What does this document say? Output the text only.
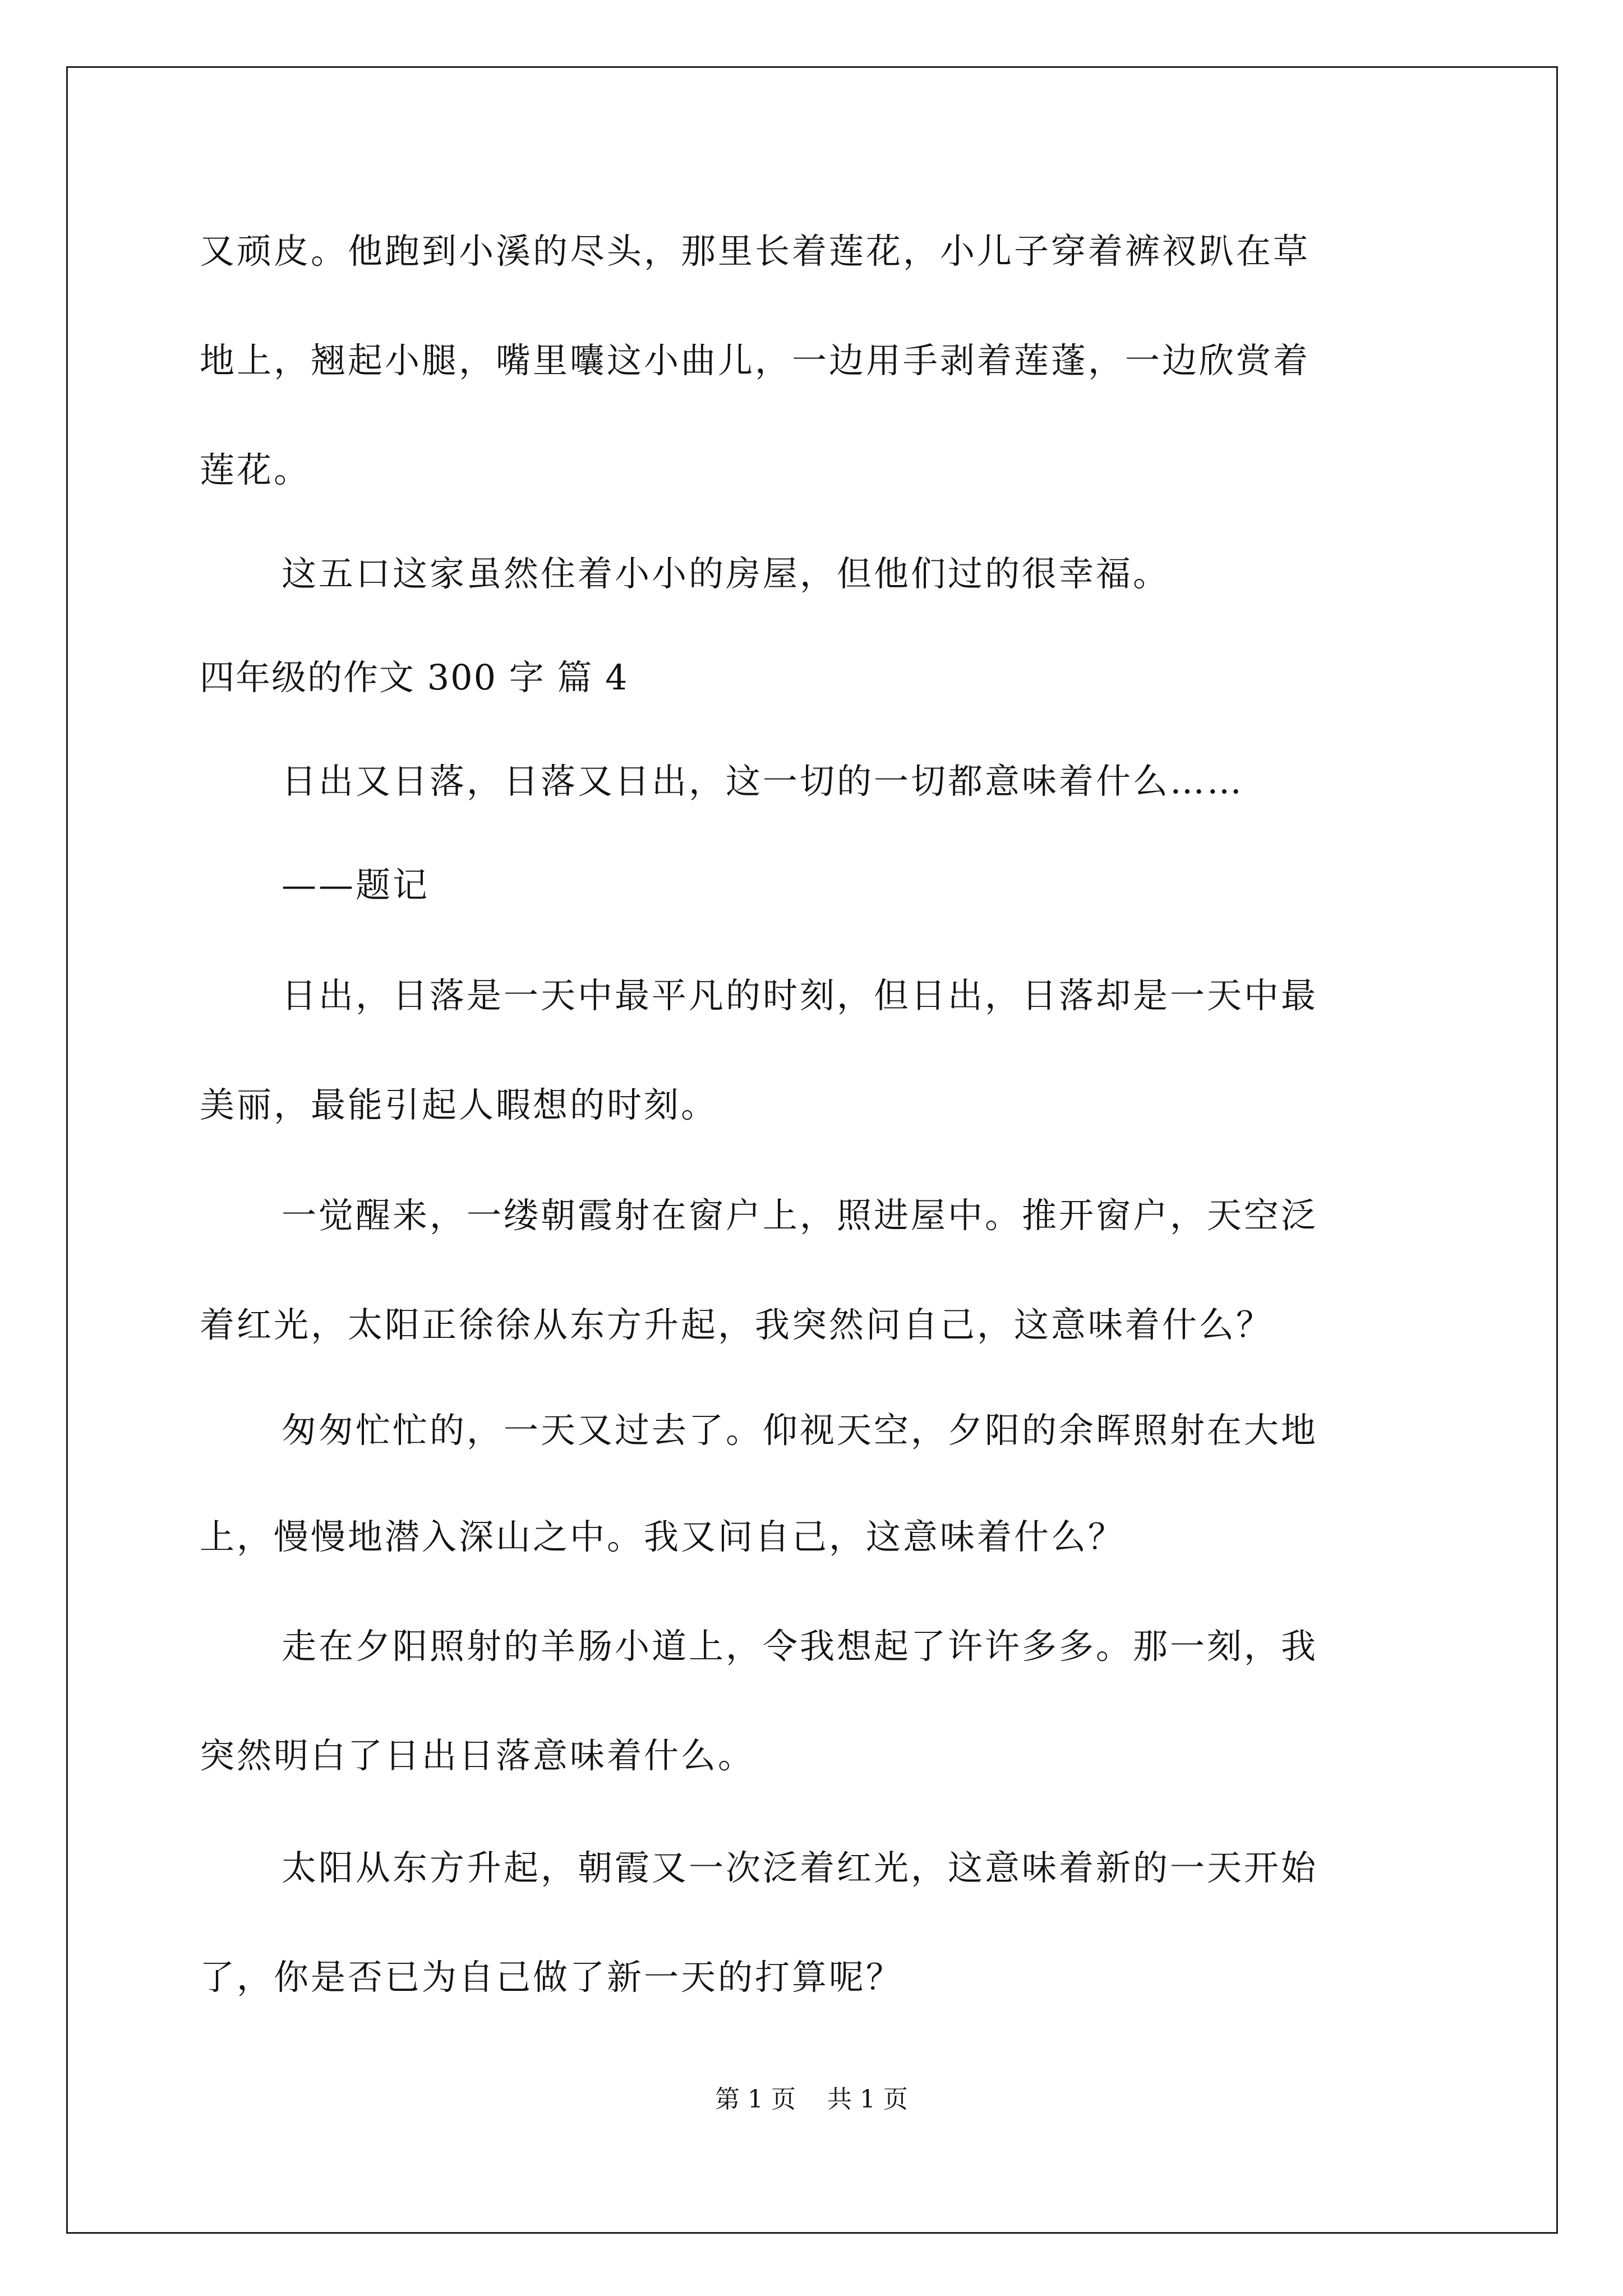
又顽皮。他跑到小溪的尽头，那里长着莲花，小儿子穿着裤衩趴在草
地上，翘起小腿，嘴里囔这小曲儿，一边用手剥着莲蓬，一边欣赏着
莲花。
这五口这家虽然住着小小的房屋，但他们过的很幸福。
四年级的作文 300 字 篇 4
日出又日落，日落又日出，这一切的一切都意味着什么……
——题记
日出，日落是一天中最平凡的时刻，但日出，日落却是一天中最
美丽，最能引起人暇想的时刻。
一觉醒来，一缕朝霞射在窗户上，照进屋中。推开窗户，天空泛
着红光，太阳正徐徐从东方升起，我突然问自己，这意味着什么？
匆匆忙忙的，一天又过去了。仰视天空，夕阳的余晖照射在大地
上，慢慢地潜入深山之中。我又问自己，这意味着什么？
走在夕阳照射的羊肠小道上，令我想起了许许多多。那一刻，我
突然明白了日出日落意味着什么。
太阳从东方升起，朝霞又一次泛着红光，这意味着新的一天开始
了，你是否已为自己做了新一天的打算呢？
第 1 页    共 1 页
